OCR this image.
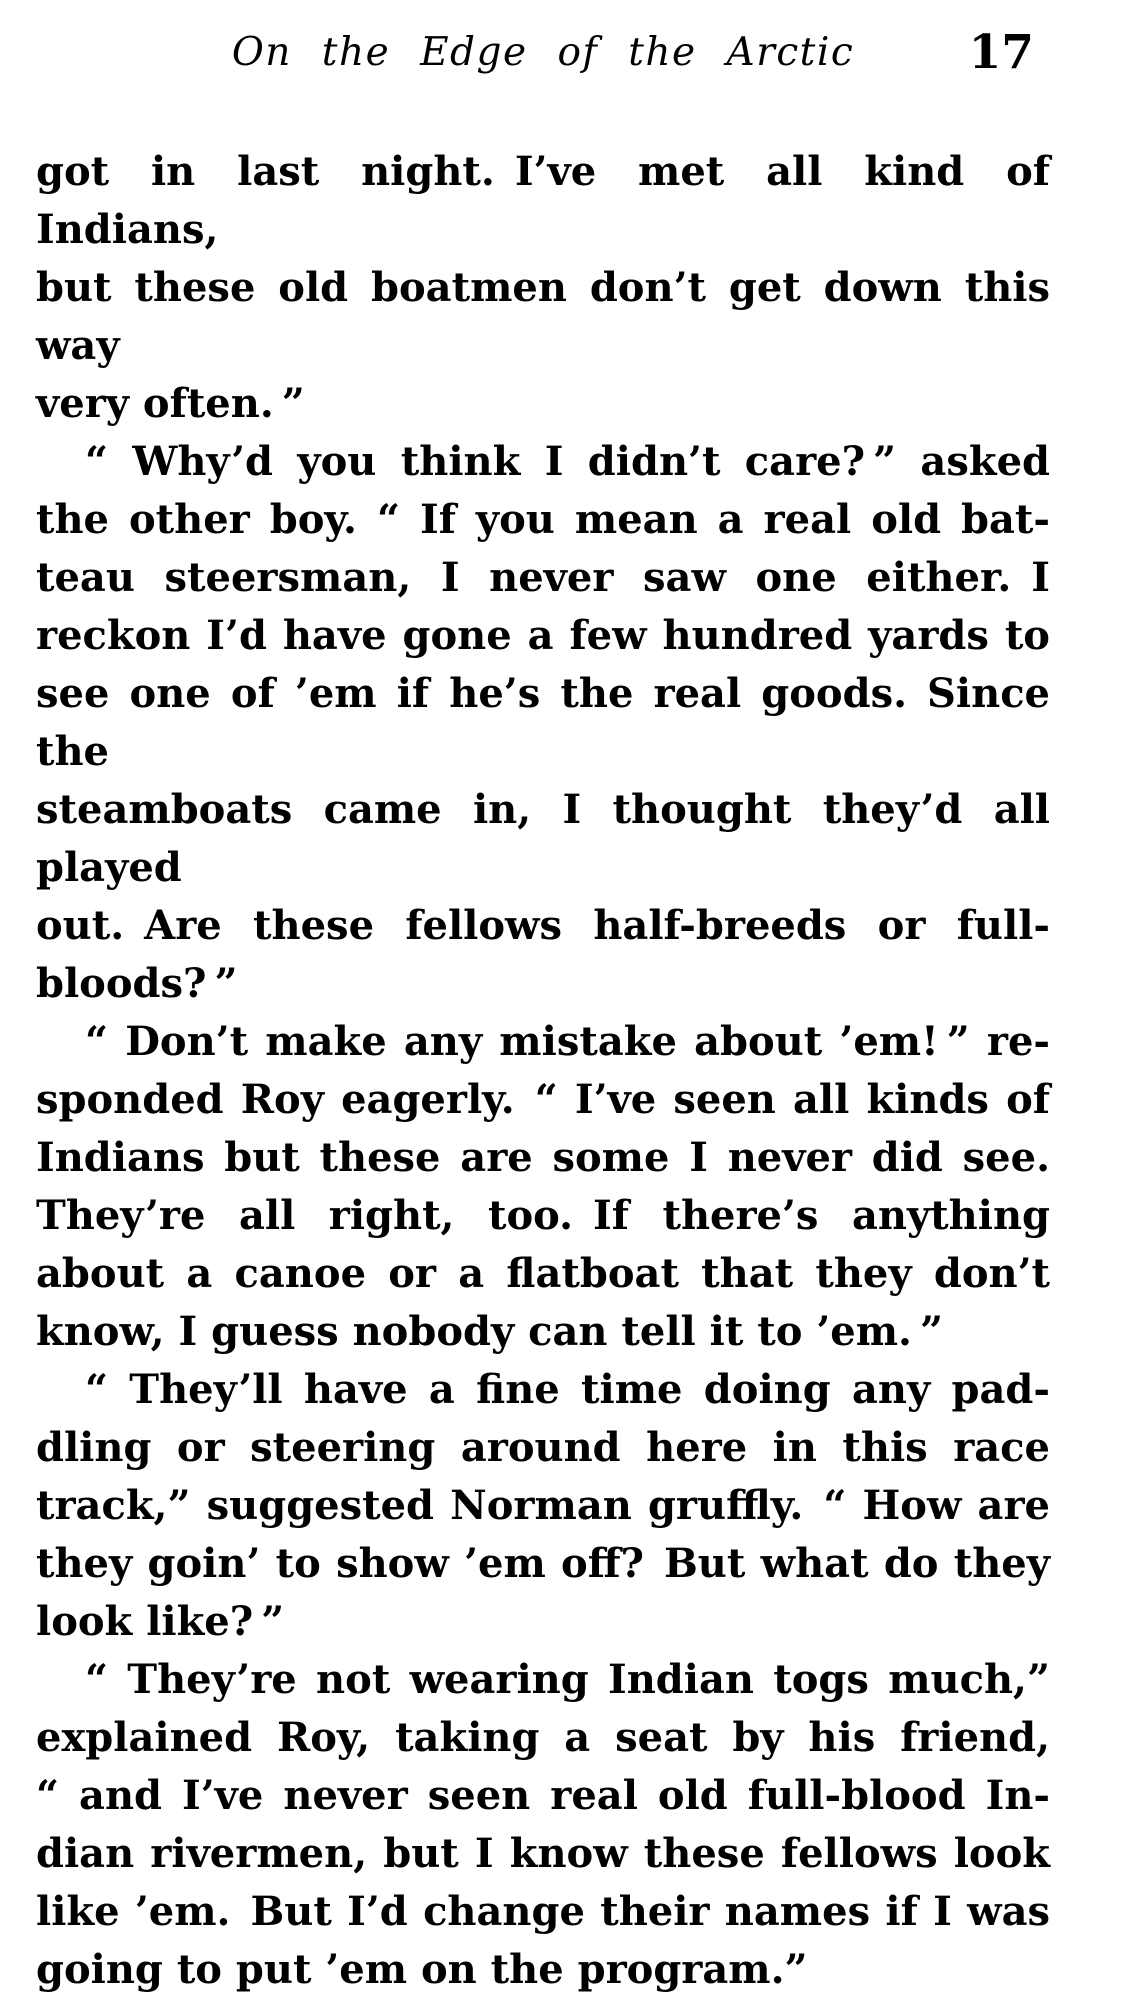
On the Edge of the Arctic 17

got in last night. I’ve met all kind of Indians,
but these old boatmen don’t get down this way
very often. ”

“ Why’d you think I didn’t care? ” asked
the other boy. “ If you mean a real old bat-
teau steersman, I never saw one either. I
reckon I’d have gone a few hundred yards to
see one of ’em if he’s the real goods. Since the
steamboats came in, I thought they’d all played
out. Are these fellows half-breeds or full-
bloods? ”

“ Don’t make any mistake about ’em! ” re-
sponded Roy eagerly. “ I’ve seen all kinds of
Indians but these are some I never did see.
They’re all right, too. If there’s anything
about a canoe or a flatboat that they don’t
know, I guess nobody can tell it to ’em. ”

“ They’ll have a fine time doing any pad-
dling or steering around here in this race
track,” suggested Norman gruffly. “ How are
they goin’ to show ’em off? But what do they
look like? ”

“ They’re not wearing Indian togs much,”
explained Roy, taking a seat by his friend,
“ and I’ve never seen real old full-blood In-
dian rivermen, but I know these fellows look
like ’em. But I’d change their names if I was
going to put ’em on the program.”
